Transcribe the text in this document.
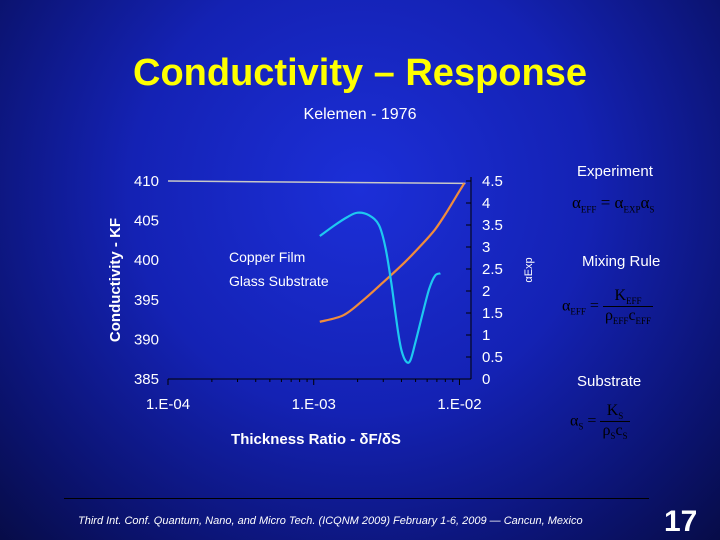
Conductivity – Response
Kelemen - 1976
1.E-04	1.E-03	1.E-02
385
390
395
400
405
410
0
0.5
1
1.5
2
2.5
3
3.5
4
4.5
Thickness Ratio - δF/δS
Conductivity - KF	αExp
Copper Film
Glass Substrate
Experiment
$\alpha_{EFF} = \alpha_{EXP}\alpha_S$
Mixing Rule
$\alpha_{EFF} = \frac{K_{EFF}}{\rho_{EFF}c_{EFF}}$
Substrate
$\alpha_S = \frac{K_S}{\rho_Sc_S}$
Third Int. Conf. Quantum, Nano, and Micro Tech. (ICQNM 2009) February 1-6, 2009 — Cancun, Mexico	17
